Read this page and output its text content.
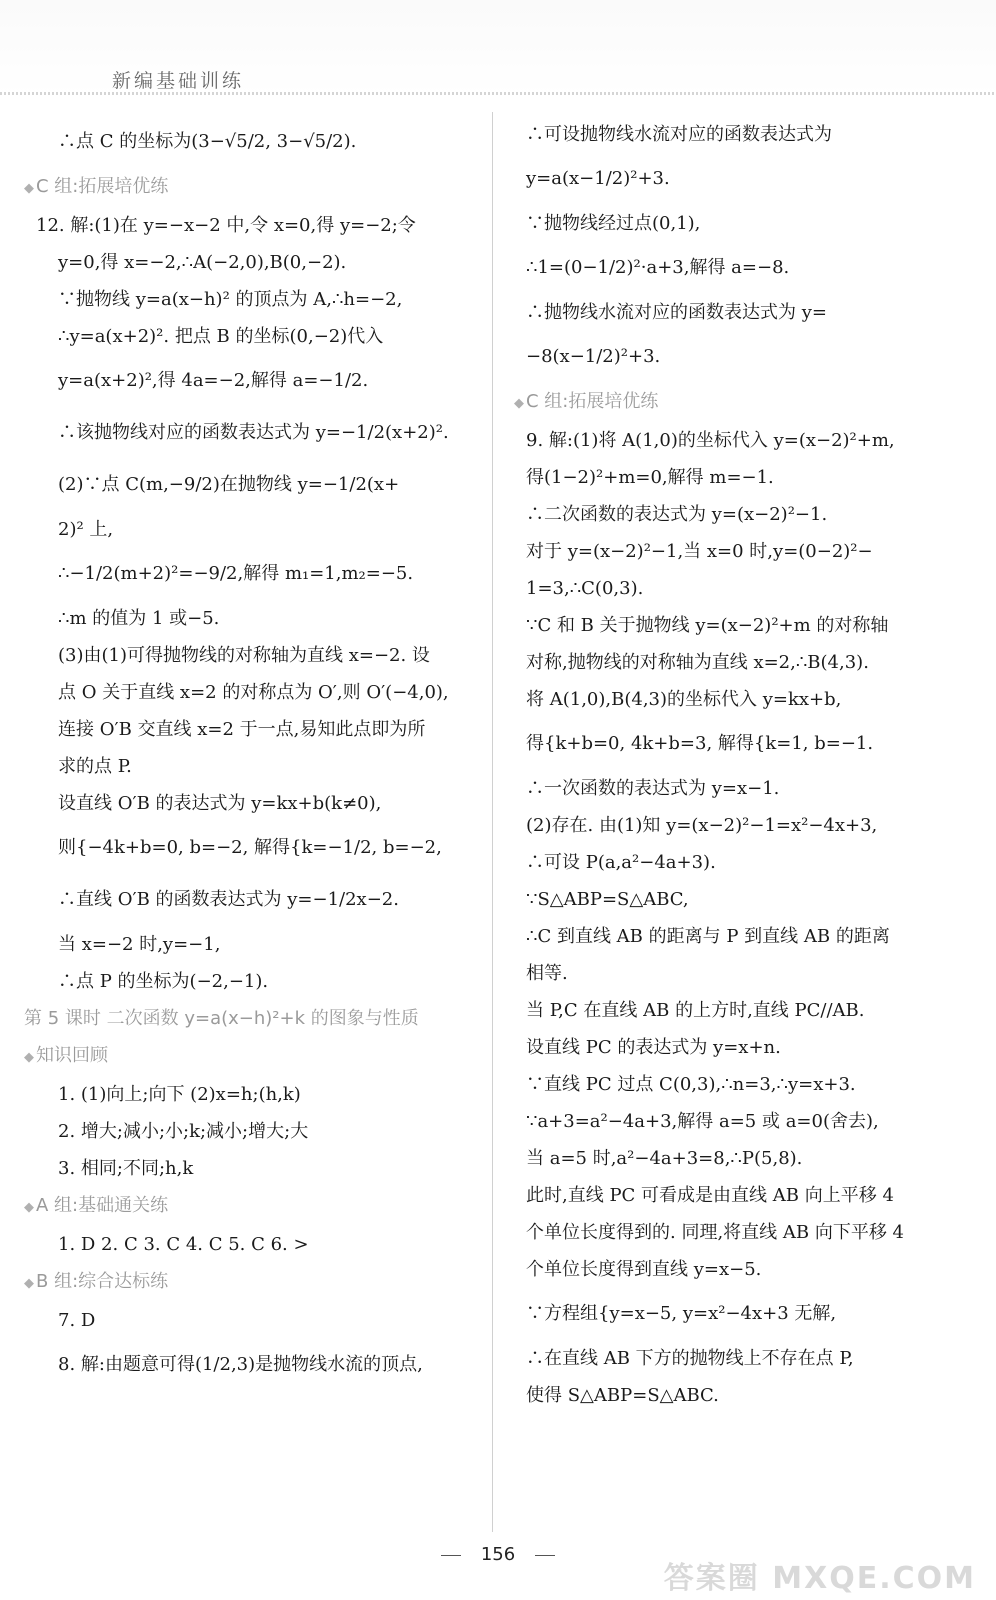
新编基础训练
∴点 C 的坐标为(3−√5/2, 3−√5/2).
◆ C 组:拓展培优练
12. 解:(1)在 y=−x−2 中,令 x=0,得 y=−2;令
y=0,得 x=−2,∴A(−2,0),B(0,−2).
∵抛物线 y=a(x−h)² 的顶点为 A,∴h=−2,
∴y=a(x+2)². 把点 B 的坐标(0,−2)代入
y=a(x+2)²,得 4a=−2,解得 a=−1/2.
∴该抛物线对应的函数表达式为 y=−1/2(x+2)².
(2)∵点 C(m,−9/2)在抛物线 y=−1/2(x+
2)² 上,
∴−1/2(m+2)²=−9/2,解得 m₁=1,m₂=−5.
∴m 的值为 1 或−5.
(3)由(1)可得抛物线的对称轴为直线 x=−2. 设
点 O 关于直线 x=2 的对称点为 O′,则 O′(−4,0),
连接 O′B 交直线 x=2 于一点,易知此点即为所
求的点 P.
设直线 O′B 的表达式为 y=kx+b(k≠0),
则{−4k+b=0, b=−2, 解得{k=−1/2, b=−2,
∴直线 O′B 的函数表达式为 y=−1/2x−2.
当 x=−2 时,y=−1,
∴点 P 的坐标为(−2,−1).
第 5 课时 二次函数 y=a(x−h)²+k 的图象与性质
◆ 知识回顾
1. (1)向上;向下 (2)x=h;(h,k)
2. 增大;减小;小;k;减小;增大;大
3. 相同;不同;h,k
◆ A 组:基础通关练
1. D 2. C 3. C 4. C 5. C 6. >
◆ B 组:综合达标练
7. D
8. 解:由题意可得(1/2,3)是抛物线水流的顶点,
∴可设抛物线水流对应的函数表达式为
y=a(x−1/2)²+3.
∵抛物线经过点(0,1),
∴1=(0−1/2)²·a+3,解得 a=−8.
∴抛物线水流对应的函数表达式为 y=
−8(x−1/2)²+3.
◆ C 组:拓展培优练
9. 解:(1)将 A(1,0)的坐标代入 y=(x−2)²+m,
得(1−2)²+m=0,解得 m=−1.
∴二次函数的表达式为 y=(x−2)²−1.
对于 y=(x−2)²−1,当 x=0 时,y=(0−2)²−
1=3,∴C(0,3).
∵C 和 B 关于抛物线 y=(x−2)²+m 的对称轴
对称,抛物线的对称轴为直线 x=2,∴B(4,3).
将 A(1,0),B(4,3)的坐标代入 y=kx+b,
得{k+b=0, 4k+b=3, 解得{k=1, b=−1.
∴一次函数的表达式为 y=x−1.
(2)存在. 由(1)知 y=(x−2)²−1=x²−4x+3,
∴可设 P(a,a²−4a+3).
∵S△ABP=S△ABC,
∴C 到直线 AB 的距离与 P 到直线 AB 的距离
相等.
当 P,C 在直线 AB 的上方时,直线 PC//AB.
设直线 PC 的表达式为 y=x+n.
∵直线 PC 过点 C(0,3),∴n=3,∴y=x+3.
∵a+3=a²−4a+3,解得 a=5 或 a=0(舍去),
当 a=5 时,a²−4a+3=8,∴P(5,8).
此时,直线 PC 可看成是由直线 AB 向上平移 4
个单位长度得到的. 同理,将直线 AB 向下平移 4
个单位长度得到直线 y=x−5.
∵方程组{y=x−5, y=x²−4x+3 无解,
∴在直线 AB 下方的抛物线上不存在点 P,
使得 S△ABP=S△ABC.
156
答案圈 MXQE.COM
